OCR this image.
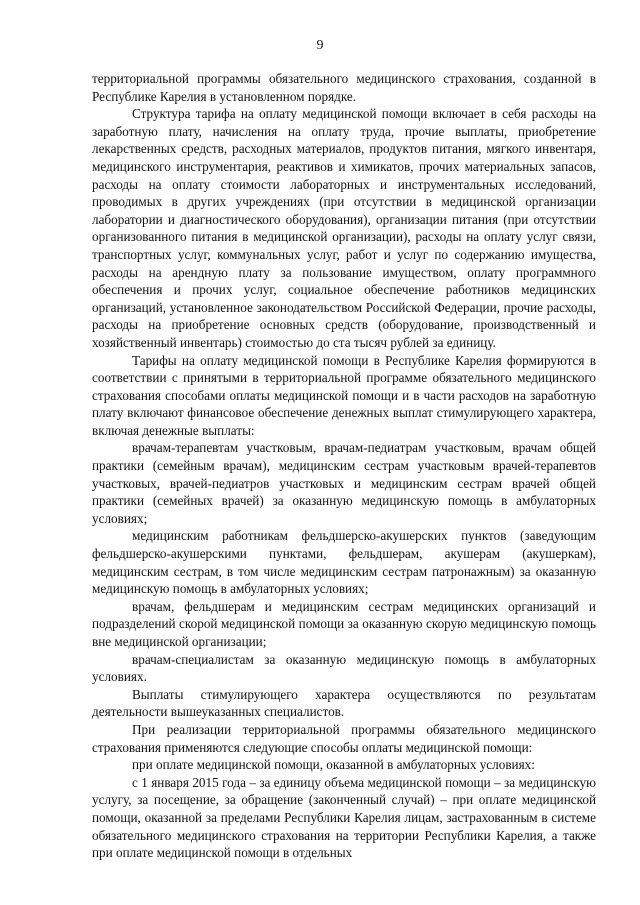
9

территориальной программы обязательного медицинского страхования, созданной в Республике Карелия в установленном порядке.

Структура тарифа на оплату медицинской помощи включает в себя расходы на заработную плату, начисления на оплату труда, прочие выплаты, приобретение лекарственных средств, расходных материалов, продуктов питания, мягкого инвентаря, медицинского инструментария, реактивов и химикатов, прочих материальных запасов, расходы на оплату стоимости лабораторных и инструментальных исследований, проводимых в других учреждениях (при отсутствии в медицинской организации лаборатории и диагностического оборудования), организации питания (при отсутствии организованного питания в медицинской организации), расходы на оплату услуг связи, транспортных услуг, коммунальных услуг, работ и услуг по содержанию имущества, расходы на арендную плату за пользование имуществом, оплату программного обеспечения и прочих услуг, социальное обеспечение работников медицинских организаций, установленное законодательством Российской Федерации, прочие расходы, расходы на приобретение основных средств (оборудование, производственный и хозяйственный инвентарь) стоимостью до ста тысяч рублей за единицу.

Тарифы на оплату медицинской помощи в Республике Карелия формируются в соответствии с принятыми в территориальной программе обязательного медицинского страхования способами оплаты медицинской помощи и в части расходов на заработную плату включают финансовое обеспечение денежных выплат стимулирующего характера, включая денежные выплаты:

врачам-терапевтам участковым, врачам-педиатрам участковым, врачам общей практики (семейным врачам), медицинским сестрам участковым врачей-терапевтов участковых, врачей-педиатров участковых и медицинским сестрам врачей общей практики (семейных врачей) за оказанную медицинскую помощь в амбулаторных условиях;

медицинским работникам фельдшерско-акушерских пунктов (заведующим фельдшерско-акушерскими пунктами, фельдшерам, акушерам (акушеркам), медицинским сестрам, в том числе медицинским сестрам патронажным) за оказанную медицинскую помощь в амбулаторных условиях;

врачам, фельдшерам и медицинским сестрам медицинских организаций и подразделений скорой медицинской помощи за оказанную скорую медицинскую помощь вне медицинской организации;

врачам-специалистам за оказанную медицинскую помощь в амбулаторных условиях.

Выплаты стимулирующего характера осуществляются по результатам деятельности вышеуказанных специалистов.

При реализации территориальной программы обязательного медицинского страхования применяются следующие способы оплаты медицинской помощи:

при оплате медицинской помощи, оказанной в амбулаторных условиях:

с 1 января 2015 года – за единицу объема медицинской помощи – за медицинскую услугу, за посещение, за обращение (законченный случай) – при оплате медицинской помощи, оказанной за пределами Республики Карелия лицам, застрахованным в системе обязательного медицинского страхования на территории Республики Карелия, а также при оплате медицинской помощи в отдельных
